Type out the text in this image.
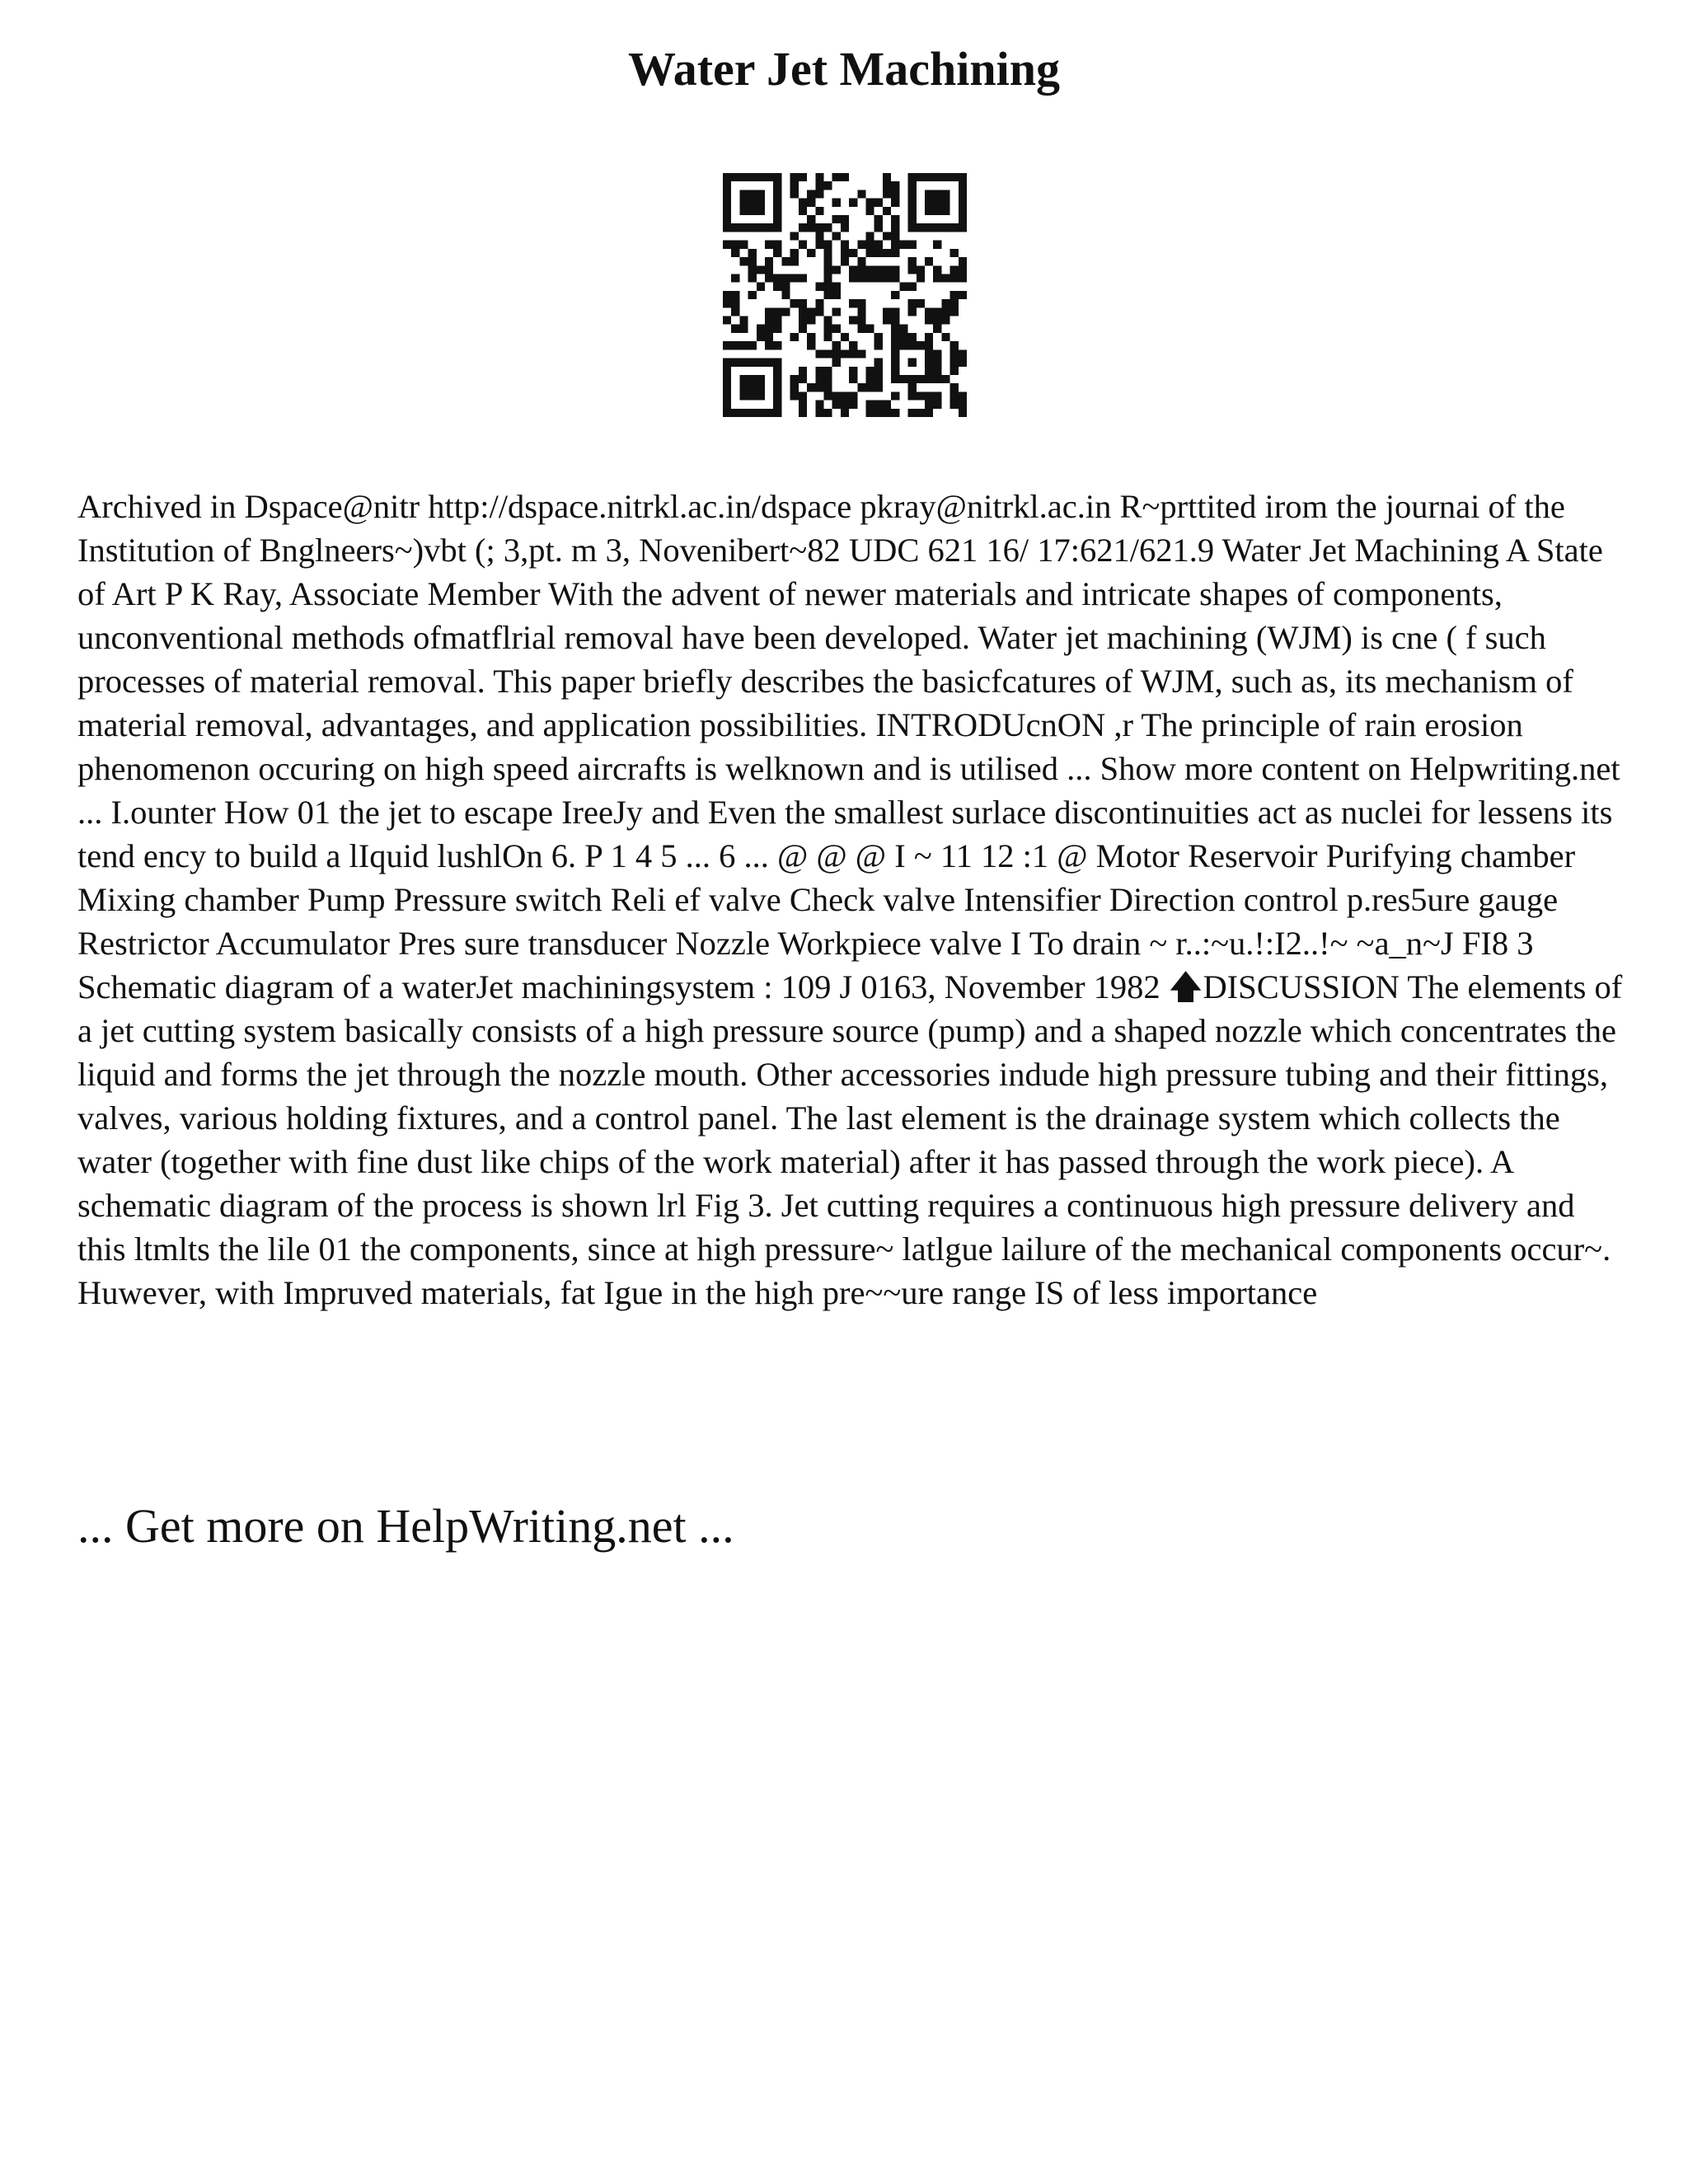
Water Jet Machining

Archived in Dspace@nitr http://dspace.nitrkl.ac.in/dspace pkray@nitrkl.ac.in R~prttited irom the journai of the Institution of Bnglneers~)vbt (; 3,pt. m 3, Novenibert~82 UDC 621 16/ 17:621/621.9 Water Jet Machining A State of Art P K Ray, Associate Member With the advent of newer materials and intricate shapes of components, unconventional methods ofmatflrial removal have been developed. Water jet machining (WJM) is cne ( f such processes of material removal. This paper briefly describes the basicfcatures of WJM, such as, its mechanism of material removal, advantages, and application possibilities. INTRODUcnON ,r The principle of rain erosion phenomenon occuring on high speed aircrafts is welknown and is utilised ... Show more content on Helpwriting.net ... I.ounter How 01 the jet to escape IreeJy and Even the smallest surlace discontinuities act as nuclei for lessens its tend ency to build a lIquid lushlOn 6. P 1 4 5 ... 6 ... @ @ @ I ~ 11 12 :1 @ Motor Reservoir Purifying chamber Mixing chamber Pump Pressure switch Reli ef valve Check valve Intensifier Direction control p.res5ure gauge Restrictor Accumulator Pres sure transducer Nozzle Workpiece valve I To drain ~ r..:~u.!:I2..!~ ~a_n~J FI8 3 Schematic diagram of a waterJet machiningsystem : 109 J 0163, November 1982 🡅DISCUSSION The elements of a jet cutting system basically consists of a high pressure source (pump) and a shaped nozzle which concentrates the liquid and forms the jet through the nozzle mouth. Other accessories indude high pressure tubing and their fittings, valves, various holding fixtures, and a control panel. The last element is the drainage system which collects the water (together with fine dust like chips of the work material) after it has passed through the work piece). A schematic diagram of the process is shown lrl Fig 3. Jet cutting requires a continuous high pressure delivery and this ltmlts the lile 01 the components, since at high pressure~ latlgue lailure of the mechanical components occur~. Huwever, with Impruved materials, fat Igue in the high pre~~ure range IS of less importance

... Get more on HelpWriting.net ...
